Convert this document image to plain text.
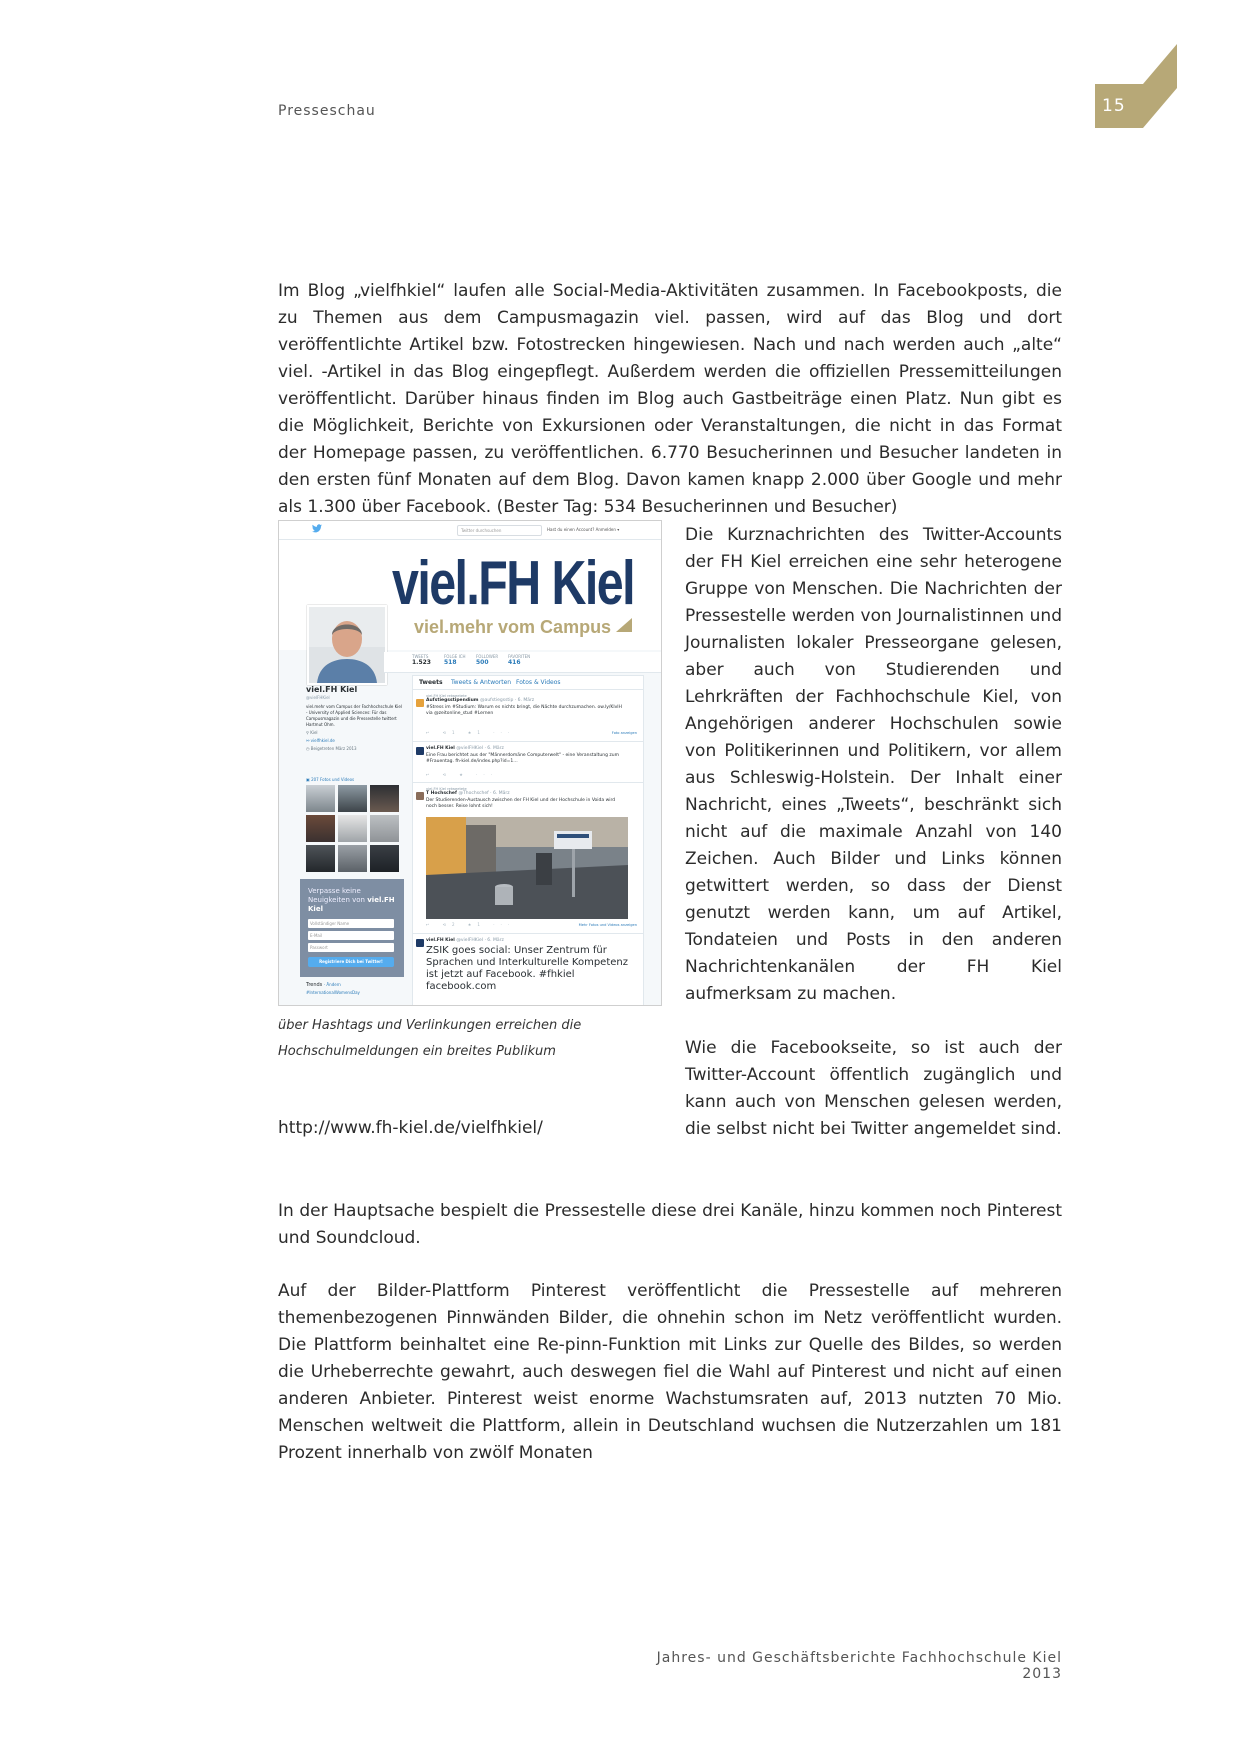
Presseschau	15
Im Blog „vielfhkiel“ laufen alle Social-Media-Aktivitäten zusammen. In Facebookposts, die zu Themen aus dem Campusmagazin viel. passen, wird auf das Blog und dort veröffentlichte Artikel bzw. Fotostrecken hingewiesen. Nach und nach werden auch „alte“ viel. -Artikel in das Blog eingepflegt. Außerdem werden die offiziellen Pressemitteilungen veröffentlicht. Darüber hinaus finden im Blog auch Gastbeiträge einen Platz. Nun gibt es die Möglichkeit, Berichte von Exkursionen oder Veranstaltungen, die nicht in das Format der Homepage passen, zu veröffentlichen. 6.770 Besucherinnen und Besucher landeten in den ersten fünf Monaten auf dem Blog. Davon kamen knapp 2.000 über Google und mehr als 1.300 über Facebook. (Bester Tag: 534 Besucherinnen und Besucher)
Twitter durchsuchen	Hast du einen Account? Anmelden ▾
viel.FH Kiel
viel.mehr vom Campus
TWEETS
1.523
FOLGE ICH
518
FOLLOWER
500
FAVORITEN
416
viel.FH Kiel
@vielFHKiel
viel.mehr vom Campus der Fachhochschule Kiel - University of Applied Sciences: Für das Campusmagazin und die Pressestelle twittert Hartmut Ohm.
⚲ Kiel
⚯ vielfhkiel.de
◷ Beigetreten März 2013
▣ 207 Fotos und Videos
Verpasse keine Neuigkeiten von viel.FH Kiel
Vollständiger Name
E-Mail
Passwort
Registriere Dich bei Twitter!
Trends · Ändern
#InternationalWomensDay
Tweets Tweets & Antworten Fotos & Videos
viel.FH Kiel retweetete
Aufstiegsstipendium @aufstiegsstip · 6. März
#Stress im #Studium: Warum es nichts bringt, die Nächte durchzumachen. ow.ly/KlvlH via @zeitonline_stud #Lernen
↩ ⟲1 ★1 ···	Foto anzeigen
viel.FH Kiel @vielFHKiel · 6. März
Eine Frau berichtet aus der "Männerdomäne Computerwelt" - eine Veranstaltung zum #Frauentag. fh-kiel.de/index.php?id=1…
↩ ⟲ ★ ···
viel.FH Kiel retweetete
T Hochschef @Thochschef · 6. März
Der Studierenden-Austausch zwischen der FH Kiel und der Hochschule in Voida wird noch besser. Reise lohnt sich!
↩ ⟲2 ★1 ···	Mehr Fotos und Videos anzeigen
viel.FH Kiel @vielFHKiel · 6. März
ZSIK goes social: Unser Zentrum für Sprachen und Interkulturelle Kompetenz ist jetzt auf Facebook. #fhkiel facebook.com
über Hashtags und Verlinkungen erreichen die Hochschulmeldungen ein breites Publikum
Die Kurznachrichten des Twitter-Accounts der FH Kiel erreichen eine sehr heterogene Gruppe von Menschen. Die Nachrichten der Pressestelle werden von Journalistinnen und Journalisten lokaler Presseorgane gelesen, aber auch von Studierenden und Lehrkräften der Fachhochschule Kiel, von Angehörigen anderer Hochschulen sowie von Politikerinnen und Politikern, vor allem aus Schleswig-Holstein. Der Inhalt einer Nachricht, eines „Tweets“, beschränkt sich nicht auf die maximale Anzahl von 140 Zeichen. Auch Bilder und Links können getwittert werden, so dass der Dienst genutzt werden kann, um auf Artikel, Tondateien und Posts in den anderen Nachrichtenkanälen der FH Kiel aufmerksam zu machen.
Wie die Facebookseite, so ist auch der Twitter-Account öffentlich zugänglich und kann auch von Menschen gelesen werden, die selbst nicht bei Twitter angemeldet sind.
http://www.fh-kiel.de/vielfhkiel/
In der Hauptsache bespielt die Pressestelle diese drei Kanäle, hinzu kommen noch Pinterest und Soundcloud.
Auf der Bilder-Plattform Pinterest veröffentlicht die Pressestelle auf mehreren themenbezogenen Pinnwänden Bilder, die ohnehin schon im Netz veröffentlicht wurden. Die Plattform beinhaltet eine Re-pinn-Funktion mit Links zur Quelle des Bildes, so werden die Urheberrechte gewahrt, auch deswegen fiel die Wahl auf Pinterest und nicht auf einen anderen Anbieter. Pinterest weist enorme Wachstumsraten auf, 2013 nutzten 70 Mio. Menschen weltweit die Plattform, allein in Deutschland wuchsen die Nutzerzahlen um 181 Prozent innerhalb von zwölf Monaten
Jahres- und Geschäftsberichte Fachhochschule Kiel 2013
